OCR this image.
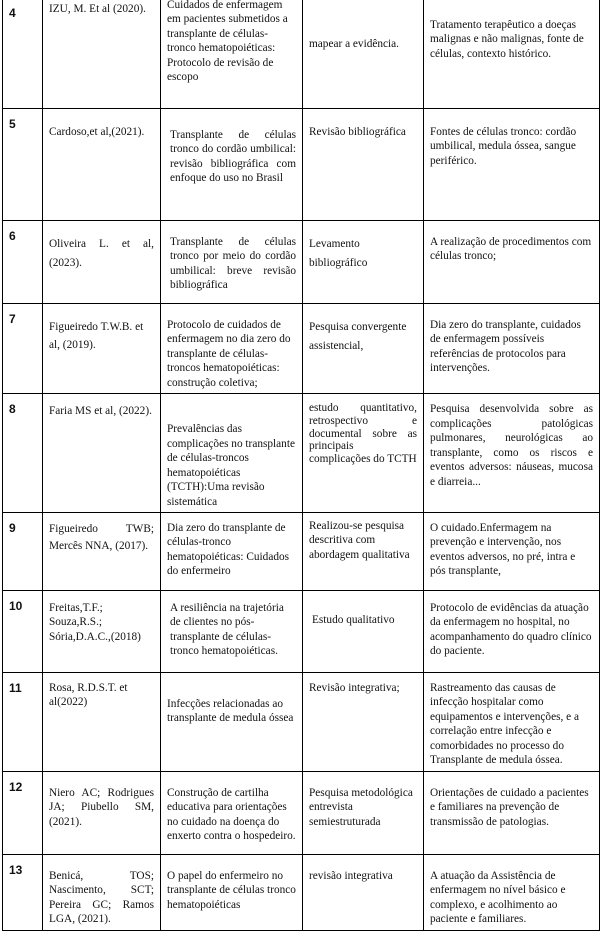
4	IZU, M. Et al (2020).	Cuidados de enfermagem em pacientes submetidos a transplante de células-tronco hematopoiéticas: Protocolo de revisão de escopo	mapear a evidência.	Tratamento terapêutico a doeças malignas e não malignas, fonte de células, contexto histórico.
5	Cardoso,et al,(2021).	Transplante de células tronco do cordão umbilical: revisão bibliográfica com enfoque do uso no Brasil	Revisão bibliográfica	Fontes de células tronco: cordão umbilical, medula óssea, sangue periférico.
6	Oliveira L. et al, (2023).	Transplante de células tronco por meio do cordão umbilical: breve revisão bibliográfica	Levamento bibliográfico	A realização de procedimentos com células tronco;
7	Figueiredo T.W.B. et al, (2019).	Protocolo de cuidados de enfermagem no dia zero do transplante de células-troncos hematopoiéticas: construção coletiva;	Pesquisa convergente assistencial,	Dia zero do transplante, cuidados de enfermagem possíveis referências de protocolos para intervenções.
8	Faria MS et al, (2022).	Prevalências das complicações no transplante de células-troncos hematopoiéticas (TCTH):Uma revisão sistemática	estudo quantitativo, retrospectivo e documental sobre as principais complicações do TCTH	Pesquisa desenvolvida sobre as complicações patológicas pulmonares, neurológicas ao transplante, como os riscos e eventos adversos: náuseas, mucosa e diarreia...
9	Figueiredo TWB; Mercês NNA, (2017).	Dia zero do transplante de células-tronco hematopoiéticas: Cuidados do enfermeiro	Realizou-se pesquisa descritiva com abordagem qualitativa	O cuidado.Enfermagem na prevenção e intervenção, nos eventos adversos, no pré, intra e pós transplante,
10	Freitas,T.F.; Souza,R.S.; Sória,D.A.C.,(2018)	A resiliência na trajetória de clientes no pós-transplante de células-tronco hematopoiéticas.	Estudo qualitativo	Protocolo de evidências da atuação da enfermagem no hospital, no acompanhamento do quadro clínico do paciente.
11	Rosa, R.D.S.T. et al(2022)	Infecções relacionadas ao transplante de medula óssea	Revisão integrativa;	Rastreamento das causas de infecção hospitalar como equipamentos e intervenções, e a correlação entre infecção e comorbidades no processo do Transplante de medula óssea.
12	Niero AC; Rodrigues JA; Piubello SM, (2021).	Construção de cartilha educativa para orientações no cuidado na doença do enxerto contra o hospedeiro.	Pesquisa metodológica entrevista semiestruturada	Orientações de cuidado a pacientes e familiares na prevenção de transmissão de patologias.
13	Benicá, TOS; Nascimento, SCT; Pereira GC; Ramos LGA, (2021).	O papel do enfermeiro no transplante de células tronco hematopoiéticas	revisão integrativa	A atuação da Assistência de enfermagem no nível básico e complexo, e acolhimento ao paciente e familiares.
